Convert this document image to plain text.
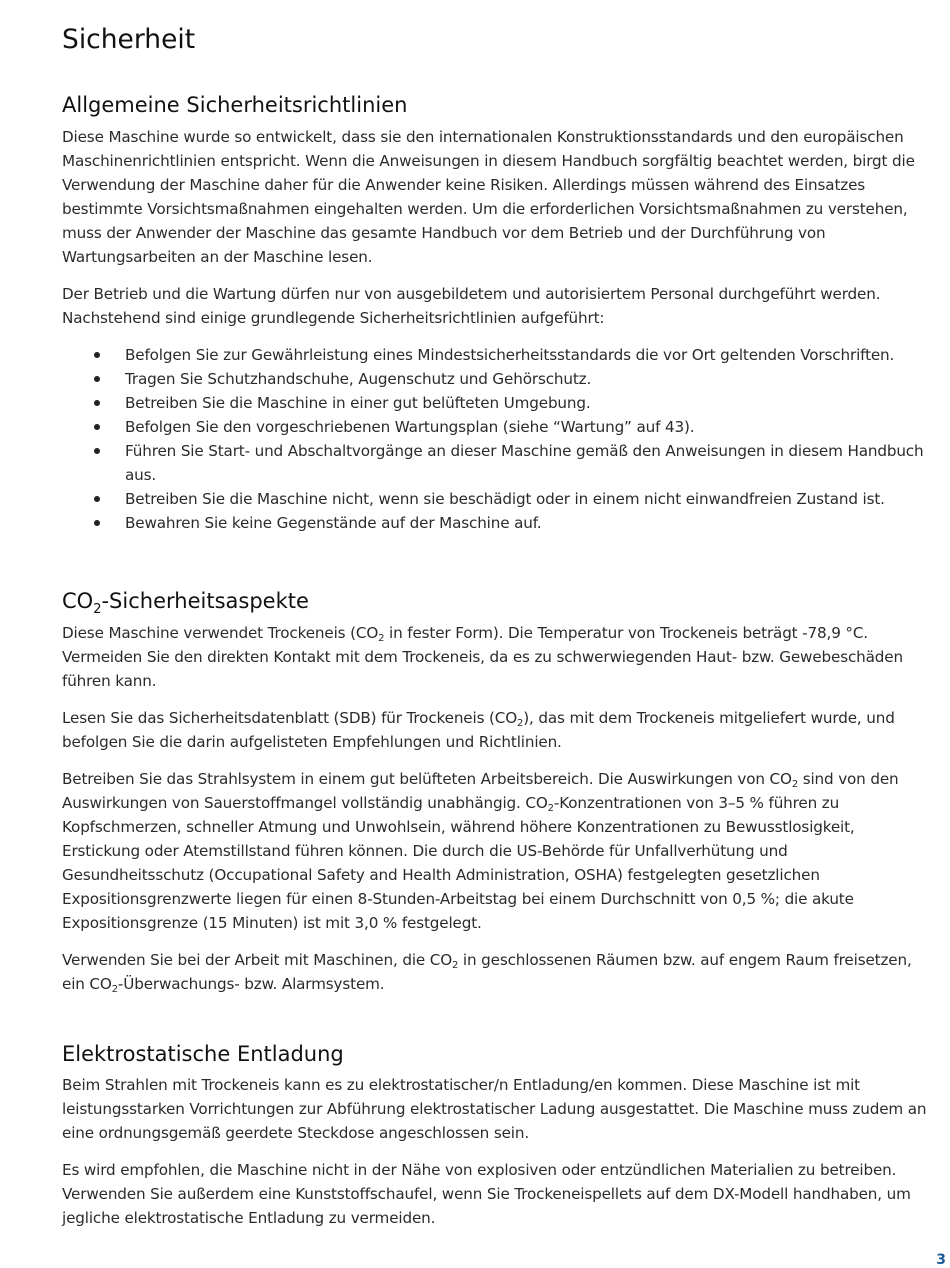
Sicherheit
Allgemeine Sicherheitsrichtlinien

Diese Maschine wurde so entwickelt, dass sie den internationalen Konstruktionsstandards und den europäischen Maschinenrichtlinien entspricht. Wenn die Anweisungen in diesem Handbuch sorgfältig beachtet werden, birgt die Verwendung der Maschine daher für die Anwender keine Risiken. Allerdings müssen während des Einsatzes bestimmte Vorsichtsmaßnahmen eingehalten werden. Um die erforderlichen Vorsichtsmaßnahmen zu verstehen, muss der Anwender der Maschine das gesamte Handbuch vor dem Betrieb und der Durchführung von Wartungsarbeiten an der Maschine lesen.

Der Betrieb und die Wartung dürfen nur von ausgebildetem und autorisiertem Personal durchgeführt werden. Nachstehend sind einige grundlegende Sicherheitsrichtlinien aufgeführt:

Befolgen Sie zur Gewährleistung eines Mindestsicherheitsstandards die vor Ort geltenden Vorschriften.
Tragen Sie Schutzhandschuhe, Augenschutz und Gehörschutz.
Betreiben Sie die Maschine in einer gut belüfteten Umgebung.
Befolgen Sie den vorgeschriebenen Wartungsplan (siehe “Wartung” auf 43).
Führen Sie Start- und Abschaltvorgänge an dieser Maschine gemäß den Anweisungen in diesem Handbuch aus.
Betreiben Sie die Maschine nicht, wenn sie beschädigt oder in einem nicht einwandfreien Zustand ist.
Bewahren Sie keine Gegenstände auf der Maschine auf.
$CO_2$-Sicherheitsaspekte

Diese Maschine verwendet Trockeneis ($CO_2$ in fester Form). Die Temperatur von Trockeneis beträgt -78,9 °C. Vermeiden Sie den direkten Kontakt mit dem Trockeneis, da es zu schwerwiegenden Haut- bzw. Gewebeschäden führen kann.

Lesen Sie das Sicherheitsdatenblatt (SDB) für Trockeneis $(CO_2)$, das mit dem Trockeneis mitgeliefert wurde, und befolgen Sie die darin aufgelisteten Empfehlungen und Richtlinien.

Betreiben Sie das Strahlsystem in einem gut belüfteten Arbeitsbereich. Die Auswirkungen von $CO_2$ sind von den Auswirkungen von Sauerstoffmangel vollständig unabhängig. $CO_2$-Konzentrationen von 3–5 % führen zu Kopfschmerzen, schneller Atmung und Unwohlsein, während höhere Konzentrationen zu Bewusstlosigkeit, Erstickung oder Atemstillstand führen können. Die durch die US-Behörde für Unfallverhütung und Gesundheitsschutz (Occupational Safety and Health Administration, OSHA) festgelegten gesetzlichen Expositionsgrenzwerte liegen für einen 8-Stunden-Arbeitstag bei einem Durchschnitt von 0,5 %; die akute Expositionsgrenze (15 Minuten) ist mit 3,0 % festgelegt.

Verwenden Sie bei der Arbeit mit Maschinen, die $CO_2$ in geschlossenen Räumen bzw. auf engem Raum freisetzen, ein $CO_2-Überwachungs-$ bzw. Alarmsystem.

Elektrostatische Entladung

Beim Strahlen mit Trockeneis kann es zu elektrostatischer/n Entladung/en kommen. Diese Maschine ist mit leistungsstarken Vorrichtungen zur Abführung elektrostatischer Ladung ausgestattet. Die Maschine muss zudem an eine ordnungsgemäß geerdete Steckdose angeschlossen sein.

Es wird empfohlen, die Maschine nicht in der Nähe von explosiven oder entzündlichen Materialien zu betreiben. Verwenden Sie außerdem eine Kunststoffschaufel, wenn Sie Trockeneispellets auf dem DX-Modell handhaben, um jegliche elektrostatische Entladung zu vermeiden.

3
